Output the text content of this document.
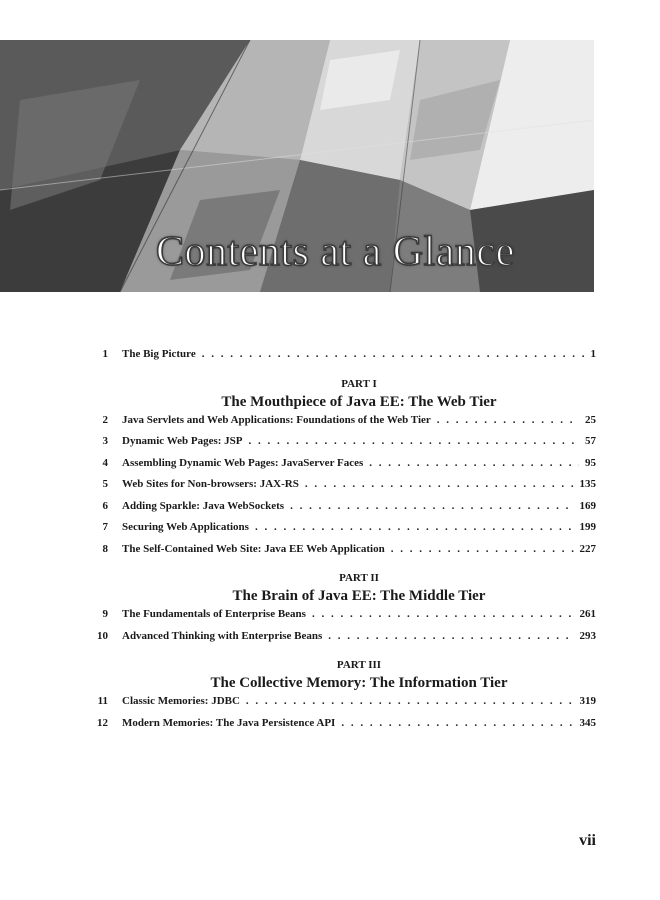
Contents at a Glance
1 The Big Picture . . .	1
PART I
The Mouthpiece of Java EE: The Web Tier
2 Java Servlets and Web Applications: Foundations of the Web Tier . . .	25
3 Dynamic Web Pages: JSP . . .	57
4 Assembling Dynamic Web Pages: JavaServer Faces . . .	95
5 Web Sites for Non-browsers: JAX-RS . . .	135
6 Adding Sparkle: Java WebSockets . . .	169
7 Securing Web Applications . . .	199
8 The Self-Contained Web Site: Java EE Web Application . . .	227
PART II
The Brain of Java EE: The Middle Tier
9 The Fundamentals of Enterprise Beans . . .	261
10 Advanced Thinking with Enterprise Beans . . .	293
PART III
The Collective Memory: The Information Tier
11 Classic Memories: JDBC . . .	319
12 Modern Memories: The Java Persistence API . . .	345
vii
